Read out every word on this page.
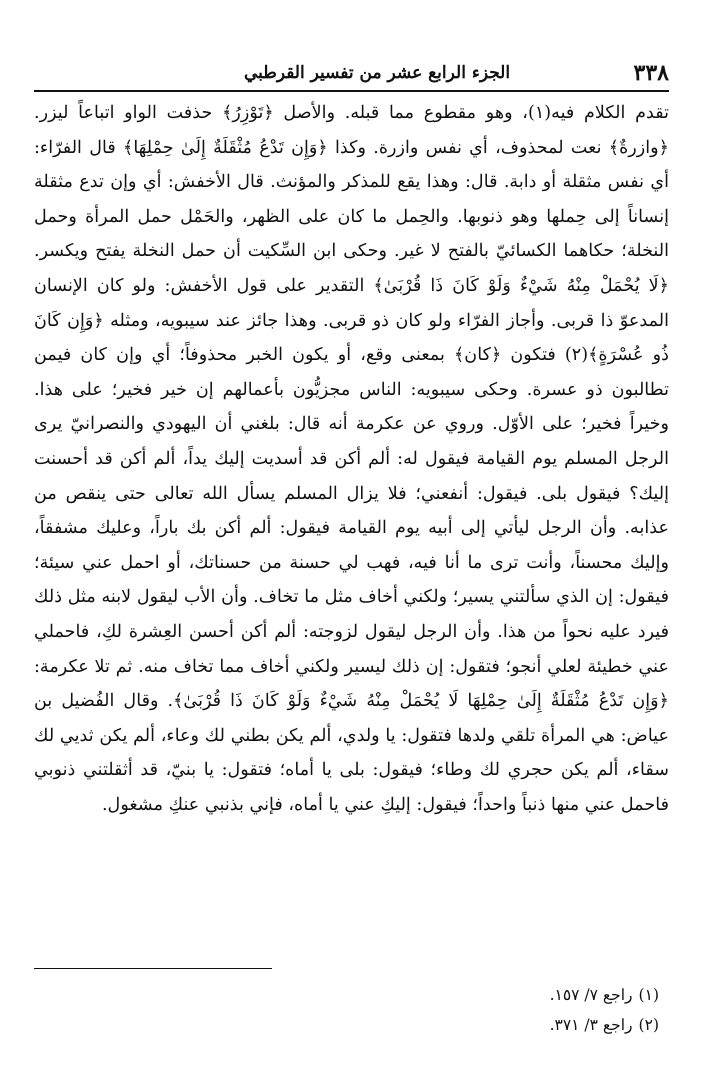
٣٣٨
الجزء الرابع عشر من تفسير القرطبي

تقدم الكلام فيه(١)، وهو مقطوع مما قبله. والأصل ﴿تَوْزِرُ﴾ حذفت الواو اتباعاً ليزر. ﴿وازرةٌ﴾ نعت لمحذوف، أي نفس وازرة. وكذا ﴿وَإِن تَدْعُ مُثْقَلَةٌ إِلَىٰ حِمْلِهَا﴾ قال الفرّاء: أي نفس مثقلة أو دابة. قال: وهذا يقع للمذكر والمؤنث. قال الأخفش: أي وإن تدع مثقلة إنساناً إلى حِملها وهو ذنوبها. والحِمل ما كان على الظهر، والحَمْل حمل المرأة وحمل النخلة؛ حكاهما الكسائيّ بالفتح لا غير. وحكى ابن السِّكيت أن حمل النخلة يفتح ويكسر. ﴿لَا يُحْمَلْ مِنْهُ شَيْءٌ وَلَوْ كَانَ ذَا قُرْبَىٰ﴾ التقدير على قول الأخفش: ولو كان الإنسان المدعوّ ذا قربى. وأجاز الفرّاء ولو كان ذو قربى. وهذا جائز عند سيبويه، ومثله ﴿وَإِن كَانَ ذُو عُسْرَةٍ﴾(٢) فتكون ﴿كان﴾ بمعنى وقع، أو يكون الخبر محذوفاً؛ أي وإن كان فيمن تطالبون ذو عسرة. وحكى سيبويه: الناس مجزيُّون بأعمالهم إن خير فخير؛ على هذا. وخيراً فخير؛ على الأوّل. وروي عن عكرمة أنه قال: بلغني أن اليهودي والنصرانيّ يرى الرجل المسلم يوم القيامة فيقول له: ألم أكن قد أسديت إليك يداً، ألم أكن قد أحسنت إليك؟ فيقول بلى. فيقول: أنفعني؛ فلا يزال المسلم يسأل الله تعالى حتى ينقص من عذابه. وأن الرجل ليأتي إلى أبيه يوم القيامة فيقول: ألم أكن بك باراً، وعليك مشفقاً، وإليك محسناً، وأنت ترى ما أنا فيه، فهب لي حسنة من حسناتك، أو احمل عني سيئة؛ فيقول: إن الذي سألتني يسير؛ ولكني أخاف مثل ما تخاف. وأن الأب ليقول لابنه مثل ذلك فيرد عليه نحواً من هذا. وأن الرجل ليقول لزوجته: ألم أكن أحسن العِشرة لكِ، فاحملي عني خطيئة لعلي أنجو؛ فتقول: إن ذلك ليسير ولكني أخاف مما تخاف منه. ثم تلا عكرمة: ﴿وَإِن تَدْعُ مُثْقَلَةٌ إِلَىٰ حِمْلِهَا لَا يُحْمَلْ مِنْهُ شَيْءٌ وَلَوْ كَانَ ذَا قُرْبَىٰ﴾. وقال الفُضيل بن عياض: هي المرأة تلقي ولدها فتقول: يا ولدي، ألم يكن بطني لك وعاء، ألم يكن ثديي لك سقاء، ألم يكن حجري لك وطاء؛ فيقول: بلى يا أماه؛ فتقول: يا بنيّ، قد أثقلتني ذنوبي فاحمل عني منها ذنباً واحداً؛ فيقول: إليكِ عني يا أماه، فإني بذنبي عنكِ مشغول.

(١)راجع ٧/ ١٥٧.
(٢)راجع ٣/ ٣٧١.
